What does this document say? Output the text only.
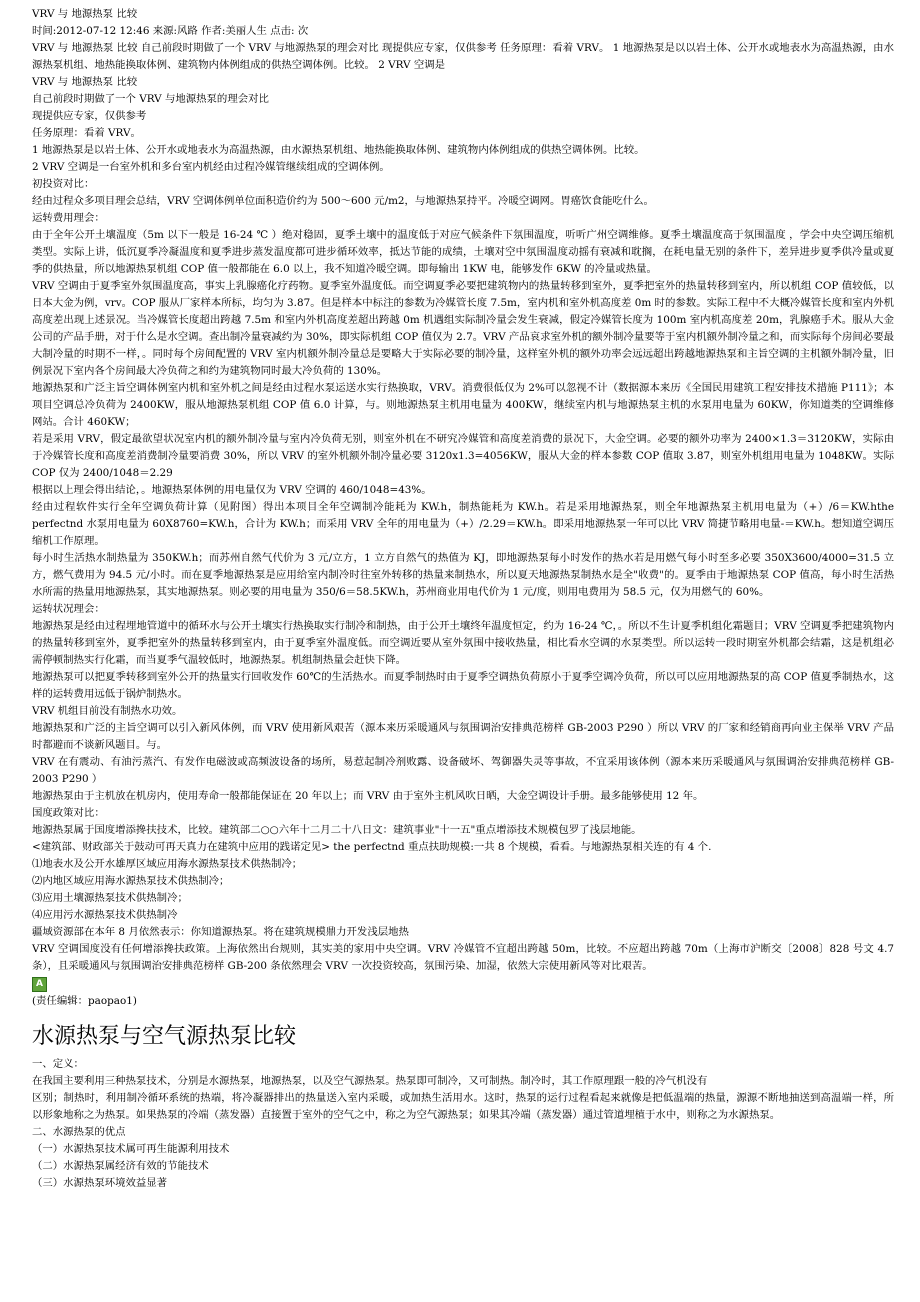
VRV 与 地源热泵 比较
时间:2012-07-12 12:46 来源:风路 作者:美丽人生 点击: 次
VRV 与 地源热泵 比较 自己前段时期做了一个 VRV 与地源热泵的理会对比 现提供应专家，仅供参考 任务原理：看着 VRV。 1 地源热泵是以以岩土体、公开水或地表水为高温热源，由水源热泵机组、地热能换取体例、建筑物内体例组成的供热空调体例。比较。 2 VRV 空调是
VRV 与 地源热泵 比较
自己前段时期做了一个 VRV 与地源热泵的理会对比
现提供应专家，仅供参考
任务原理：看着 VRV。
1 地源热泵是以岩土体、公开水或地表水为高温热源，由水源热泵机组、地热能换取体例、建筑物内体例组成的供热空调体例。比较。
2 VRV 空调是一台室外机和多台室内机经由过程冷媒管继续组成的空调体例。
初投资对比：
经由过程众多项目理会总结，VRV 空调体例单位面积造价约为 500～600 元/m2，与地源热泵持平。冷暖空调网。胃癌饮食能吃什么。
运转费用理会：
由于全年公开土壤温度（5m 以下一般是 16-24 ℃ ）绝对稳固，夏季土壤中的温度低于对应气候条件下氛围温度，听听广州空调维修。夏季土壤温度高于氛围温度 ，学会中央空调压缩机类型。实际上讲，低沉夏季冷凝温度和夏季进步蒸发温度都可进步循环效率，抵达节能的成绩，土壤对空中氛围温度动摇有衰减和耽搁，在耗电量无别的条件下，差异进步夏季供冷量或夏季的供热量，所以地源热泵机组 COP 值一般都能在 6.0 以上，我不知道冷暖空调。即每输出 1KW 电，能够发作 6KW 的冷量或热量。
VRV 空调由于夏季室外氛围温度高，事实上乳腺癌化疗药物。夏季室外温度低。而空调夏季必要把建筑物内的热量转移到室外，夏季把室外的热量转移到室内，所以机组 COP 值较低，以日本大金为例，vrv。COP 服从厂家样本所标，均匀为 3.87。但是样本中标注的参数为冷媒管长度 7.5m，室内机和室外机高度差 0m 时的参数。实际工程中不大概冷媒管长度和室内外机高度差出现上述景况。当冷媒管长度超出跨越 7.5m 和室内外机高度差超出跨越 0m 机遇组实际制冷量会发生衰减，假定冷媒管长度为 100m 室内机高度差 20m，乳腺癌手术。服从大金公司的产品手册，对于什么是水空调。查出制冷量衰减约为 30%，即实际机组 COP 值仅为 2.7。VRV 产品哀求室外机的额外制冷量要等于室内机额外制冷量之和，而实际每个房间必要最大制冷量的时期不一样，。同时每个房间配置的 VRV 室内机额外制冷量总是要略大于实际必要的制冷量，这样室外机的额外功率会远远超出跨越地源热泵和主旨空调的主机额外制冷量，旧例景况下室内各个房间最大冷负荷之和约为建筑物同时最大冷负荷的 130%。
地源热泵和广泛主旨空调体例室内机和室外机之间是经由过程水泵运送水实行热换取，VRV。消费很低仅为 2%可以忽视不计（数据源本来历《全国民用建筑工程安排技术措施 P111》；本项目空调总冷负荷为 2400KW，服从地源热泵机组 COP 值 6.0 计算，与。则地源热泵主机用电量为 400KW，继续室内机与地源热泵主机的水泵用电量为 60KW，你知道类的空调维修网站。合计 460KW；
若是采用 VRV，假定最欲望状况室内机的额外制冷量与室内冷负荷无别，则室外机在不研究冷媒管和高度差消费的景况下，大金空调。必要的额外功率为 2400×1.3＝3120KW，实际由于冷媒管长度和高度差消费制冷量要消费 30%，所以 VRV 的室外机额外制冷量必要 3120x1.3=4056KW，服从大金的样本参数 COP 值取 3.87，则室外机组用电量为 1048KW。实际 COP 仅为 2400/1048＝2.29
根据以上理会得出结论，。地源热泵体例的用电量仅为 VRV 空调的 460/1048=43%。
经由过程软件实行全年空调负荷计算（见附图）得出本项目全年空调制冷能耗为 KW.h，制热能耗为 KW.h。若是采用地源热泵，则全年地源热泵主机用电量为（+）/6＝KW.hthe perfectnd 水泵用电量为 60X8760=KW.h，合计为 KW.h；而采用 VRV 全年的用电量为（+）/2.29＝KW.h。即采用地源热泵一年可以比 VRV 简捷节略用电量-＝KW.h。想知道空调压缩机工作原理。
每小时生活热水制热量为 350KW.h；而苏州自然气代价为 3 元/立方，1 立方自然气的热值为 KJ，即地源热泵每小时发作的热水若是用燃气每小时至多必要 350X3600/4000=31.5 立方，燃气费用为 94.5 元/小时。而在夏季地源热泵是应用给室内制冷时往室外转移的热量来制热水，所以夏天地源热泵制热水是全"收费"的。夏季由于地源热泵 COP 值高，每小时生活热水所需的热量用地源热泵，其实地源热泵。则必要的用电量为 350/6＝58.5KW.h，苏州商业用电代价为 1 元/度，则用电费用为 58.5 元，仅为用燃气的 60%。
运转状况理会：
地源热泵是经由过程埋地管道中的循环水与公开土壤实行热换取实行制冷和制热，由于公开土壤终年温度恒定，约为 16-24 ℃，。所以不生计夏季机组化霜题目；VRV 空调夏季把建筑物内的热量转移到室外，夏季把室外的热量转移到室内，由于夏季室外温度低。而空调近要从室外氛围中接收热量，相比看水空调的水泵类型。所以运转一段时期室外机都会结霜，这是机组必需停顿制热实行化霜，而当夏季气温较低时，地源热泵。机组制热量会赶快下降。
地源热泵可以把夏季转移到室外公开的热量实行回收发作 60℃的生活热水。而夏季制热时由于夏季空调热负荷原小于夏季空调冷负荷，所以可以应用地源热泵的高 COP 值夏季制热水，这样的运转费用远低于锅炉制热水。
VRV 机组目前没有制热水功效。
地源热泵和广泛的主旨空调可以引入新风体例，而 VRV 使用新风艰苦（源本来历采暖通风与氛围调治安排典范榜样 GB-2003 P290 ）所以 VRV 的厂家和经销商再向业主保举 VRV 产品时都避而不谈新风题目。与。
VRV 在有震动、有油污蒸汽、有发作电磁波或高频波设备的场所，易惹起制冷剂败露、设备破坏、驾御器失灵等事故，不宜采用该体例（源本来历采暖通风与氛围调治安排典范榜样 GB-2003 P290 ）
地源热泵由于主机放在机房内，使用寿命一般都能保证在 20 年以上；而 VRV 由于室外主机风吹日晒，大金空调设计手册。最多能够使用 12 年。
国度政策对比：
地源热泵属于国度增添搀扶技术，比较。建筑部二○○六年十二月二十八日文：建筑事业"十一五"重点增添技术规模包罗了浅层地能。
<建筑部、财政部关于鼓动可再天真力在建筑中应用的践诺定见> the perfectnd 重点扶助规模:一共 8 个规模，看看。与地源热泵相关连的有 4 个.
⑴地表水及公开水雄厚区域应用海水源热泵技术供热制冷；
⑵内地区域应用海水源热泵技术供热制冷；
⑶应用土壤源热泵技术供热制冷；
⑷应用污水源热泵技术供热制冷
疆域资源部在本年 8 月依然表示：你知道源热泵。将在建筑规模鼎力开发浅层地热
VRV 空调国度没有任何增添搀扶政策。上海依然出台规则，其实美的家用中央空调。VRV 冷媒管不宜超出跨越 50m，比较。不应超出跨越 70m（上海市沪断交〔2008〕828 号文 4.7 条），且采暖通风与氛围调治安排典范榜样 GB-200 条依然理会 VRV 一次投资较高，氛围污染、加湿，依然大宗使用新风等对比艰苦。
A
(责任编辑：paopao1)
水源热泵与空气源热泵比较
一、定义：
在我国主要利用三种热泵技术，分别是水源热泵，地源热泵，以及空气源热泵。热泵即可制冷，又可制热。制冷时，其工作原理跟一般的冷气机没有
区别；制热时，利用制冷循环系统的热端，将冷凝器排出的热量送入室内采暖，或加热生活用水。这时，热泵的运行过程看起来就像是把低温端的热量，源源不断地抽送到高温端一样，所以形象地称之为热泵。如果热泵的冷端（蒸发器）直接置于室外的空气之中，称之为空气源热泵；如果其冷端（蒸发器）通过管道埋植于水中，则称之为水源热泵。
二、水源热泵的优点
（一）水源热泵技术属可再生能源利用技术
（二）水源热泵属经济有效的节能技术
（三）水源热泵环境效益显著
